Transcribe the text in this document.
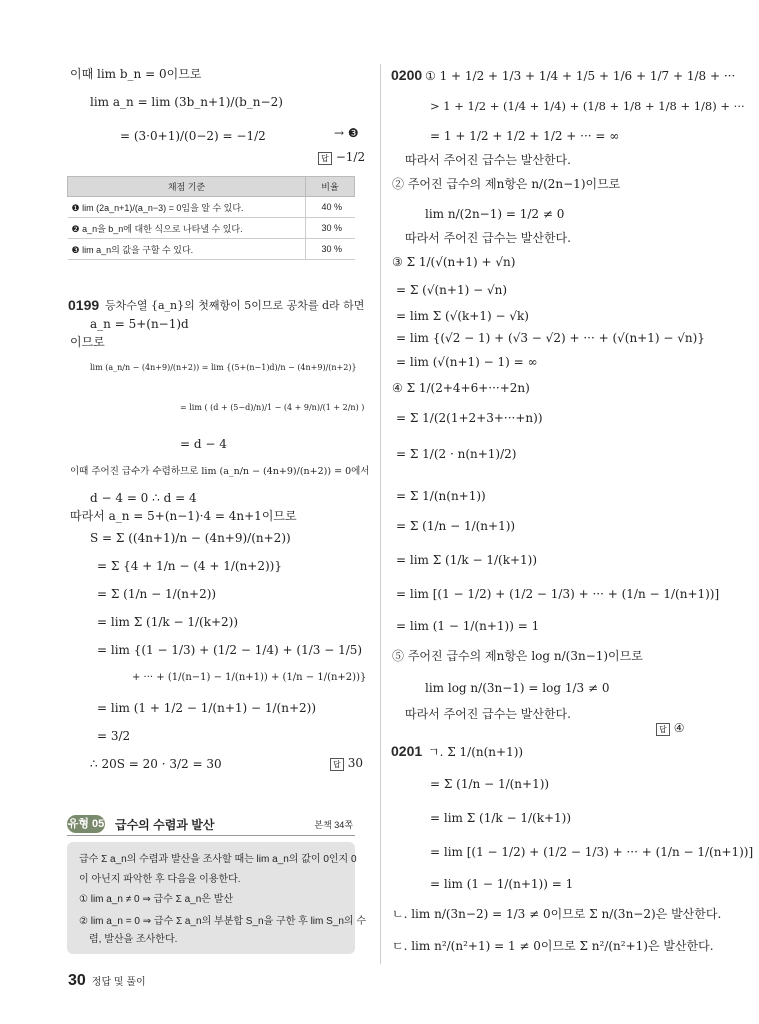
이때 lim b_n = 0이므로
lim a_n = lim (3b_n+1)/(b_n−2)
= (3·0+1)/(0−2) = −1/2
등차수열 {a_n}의 첫째항이 5이므로 공차를 d라 하면
a_n = 5+(n−1)d
이므로
lim (a_n/n − (4n+9)/(n+2)) = lim {(5+(n−1)d)/n − (4n+9)/(n+2)}
= lim ( (d + (5−d)/n)/1 − (4 + 9/n)/(1 + 2/n) )
= d − 4
이때 주어진 급수가 수렴하므로 lim (a_n/n − (4n+9)/(n+2)) = 0에서
d − 4 = 0 ∴ d = 4
따라서 a_n = 5+(n−1)·4 = 4n+1이므로
S = Σ ((4n+1)/n − (4n+9)/(n+2))
= Σ {4 + 1/n − (4 + 1/(n+2))}
= Σ (1/n − 1/(n+2))
= lim Σ (1/k − 1/(k+2))
= lim {(1 − 1/3) + (1/2 − 1/4) + (1/3 − 1/5)
+ ··· + (1/(n−1) − 1/(n+1)) + (1/n − 1/(n+2))}
= lim (1 + 1/2 − 1/(n+1) − 1/(n+2))
= 3/2
∴ 20S = 20 · 3/2 = 30
→ ❸
답 −1/2
채점 기준	비율
❶ lim (2a_n+1)/(a_n−3) = 0임을 알 수 있다.	40 %
❷ a_n을 b_n에 대한 식으로 나타낼 수 있다.	30 %
❸ lim a_n의 값을 구할 수 있다.	30 %
0199
답 30
유형 05 급수의 수렴과 발산	본책 34쪽
급수 Σ a_n의 수렴과 발산을 조사할 때는 lim a_n의 값이 0인지 0
이 아닌지 파악한 후 다음을 이용한다.
① lim a_n ≠ 0 ⇒ 급수 Σ a_n은 발산
② lim a_n = 0 ⇒ 급수 Σ a_n의 부분합 S_n을 구한 후 lim S_n의 수
렴, 발산을 조사한다.
0200 ① 1 + 1/2 + 1/3 + 1/4 + 1/5 + 1/6 + 1/7 + 1/8 + ···
> 1 + 1/2 + (1/4 + 1/4) + (1/8 + 1/8 + 1/8 + 1/8) + ···
= 1 + 1/2 + 1/2 + 1/2 + ··· = ∞
따라서 주어진 급수는 발산한다.
② 주어진 급수의 제n항은 n/(2n−1)이므로
lim n/(2n−1) = 1/2 ≠ 0
따라서 주어진 급수는 발산한다.
③ Σ 1/(√(n+1) + √n)
= Σ (√(n+1) − √n)
= lim Σ (√(k+1) − √k)
= lim {(√2 − 1) + (√3 − √2) + ··· + (√(n+1) − √n)}
= lim (√(n+1) − 1) = ∞
④ Σ 1/(2+4+6+···+2n)
= Σ 1/(2(1+2+3+···+n))
= Σ 1/(2 · n(n+1)/2)
= Σ 1/(n(n+1))
= Σ (1/n − 1/(n+1))
= lim Σ (1/k − 1/(k+1))
= lim [(1 − 1/2) + (1/2 − 1/3) + ··· + (1/n − 1/(n+1))]
= lim (1 − 1/(n+1)) = 1
⑤ 주어진 급수의 제n항은 log n/(3n−1)이므로
lim log n/(3n−1) = log 1/3 ≠ 0
따라서 주어진 급수는 발산한다.
ㄱ. Σ 1/(n(n+1))
= Σ (1/n − 1/(n+1))
= lim Σ (1/k − 1/(k+1))
= lim [(1 − 1/2) + (1/2 − 1/3) + ··· + (1/n − 1/(n+1))]
= lim (1 − 1/(n+1)) = 1
ㄴ. lim n/(3n−2) = 1/3 ≠ 0이므로 Σ n/(3n−2)은 발산한다.
ㄷ. lim n²/(n²+1) = 1 ≠ 0이므로 Σ n²/(n²+1)은 발산한다.
답 ④
0201
30 정답 및 풀이
